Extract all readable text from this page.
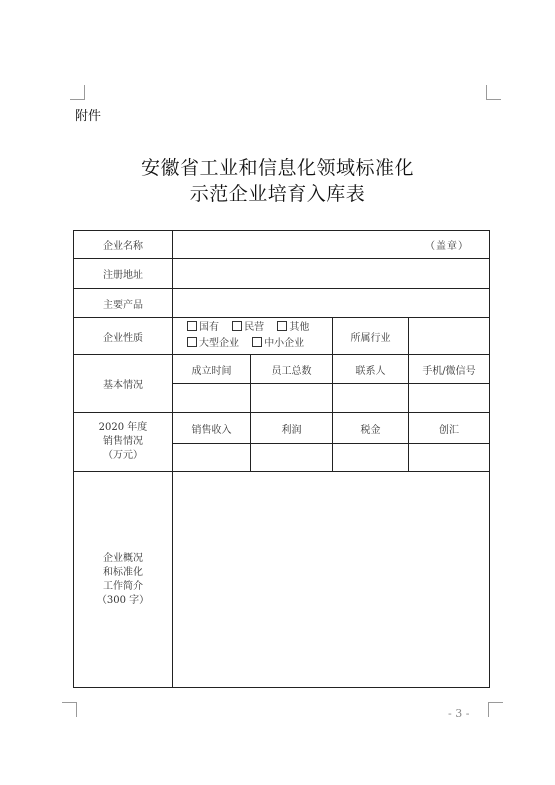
附件
安徽省工业和信息化领域标准化
示范企业培育入库表
企业名称	（盖章）			
注册地址				
主要产品				
企业性质	国有 民营 其他
大型企业 中小企业		所属行业	
基本情况	成立时间	员工总数	联系人	手机/微信号

2020 年度
销售情况
（万元）	销售收入	利润	税金	创汇

企业概况
和标准化
工作简介
（300 字）				

- 3 -
